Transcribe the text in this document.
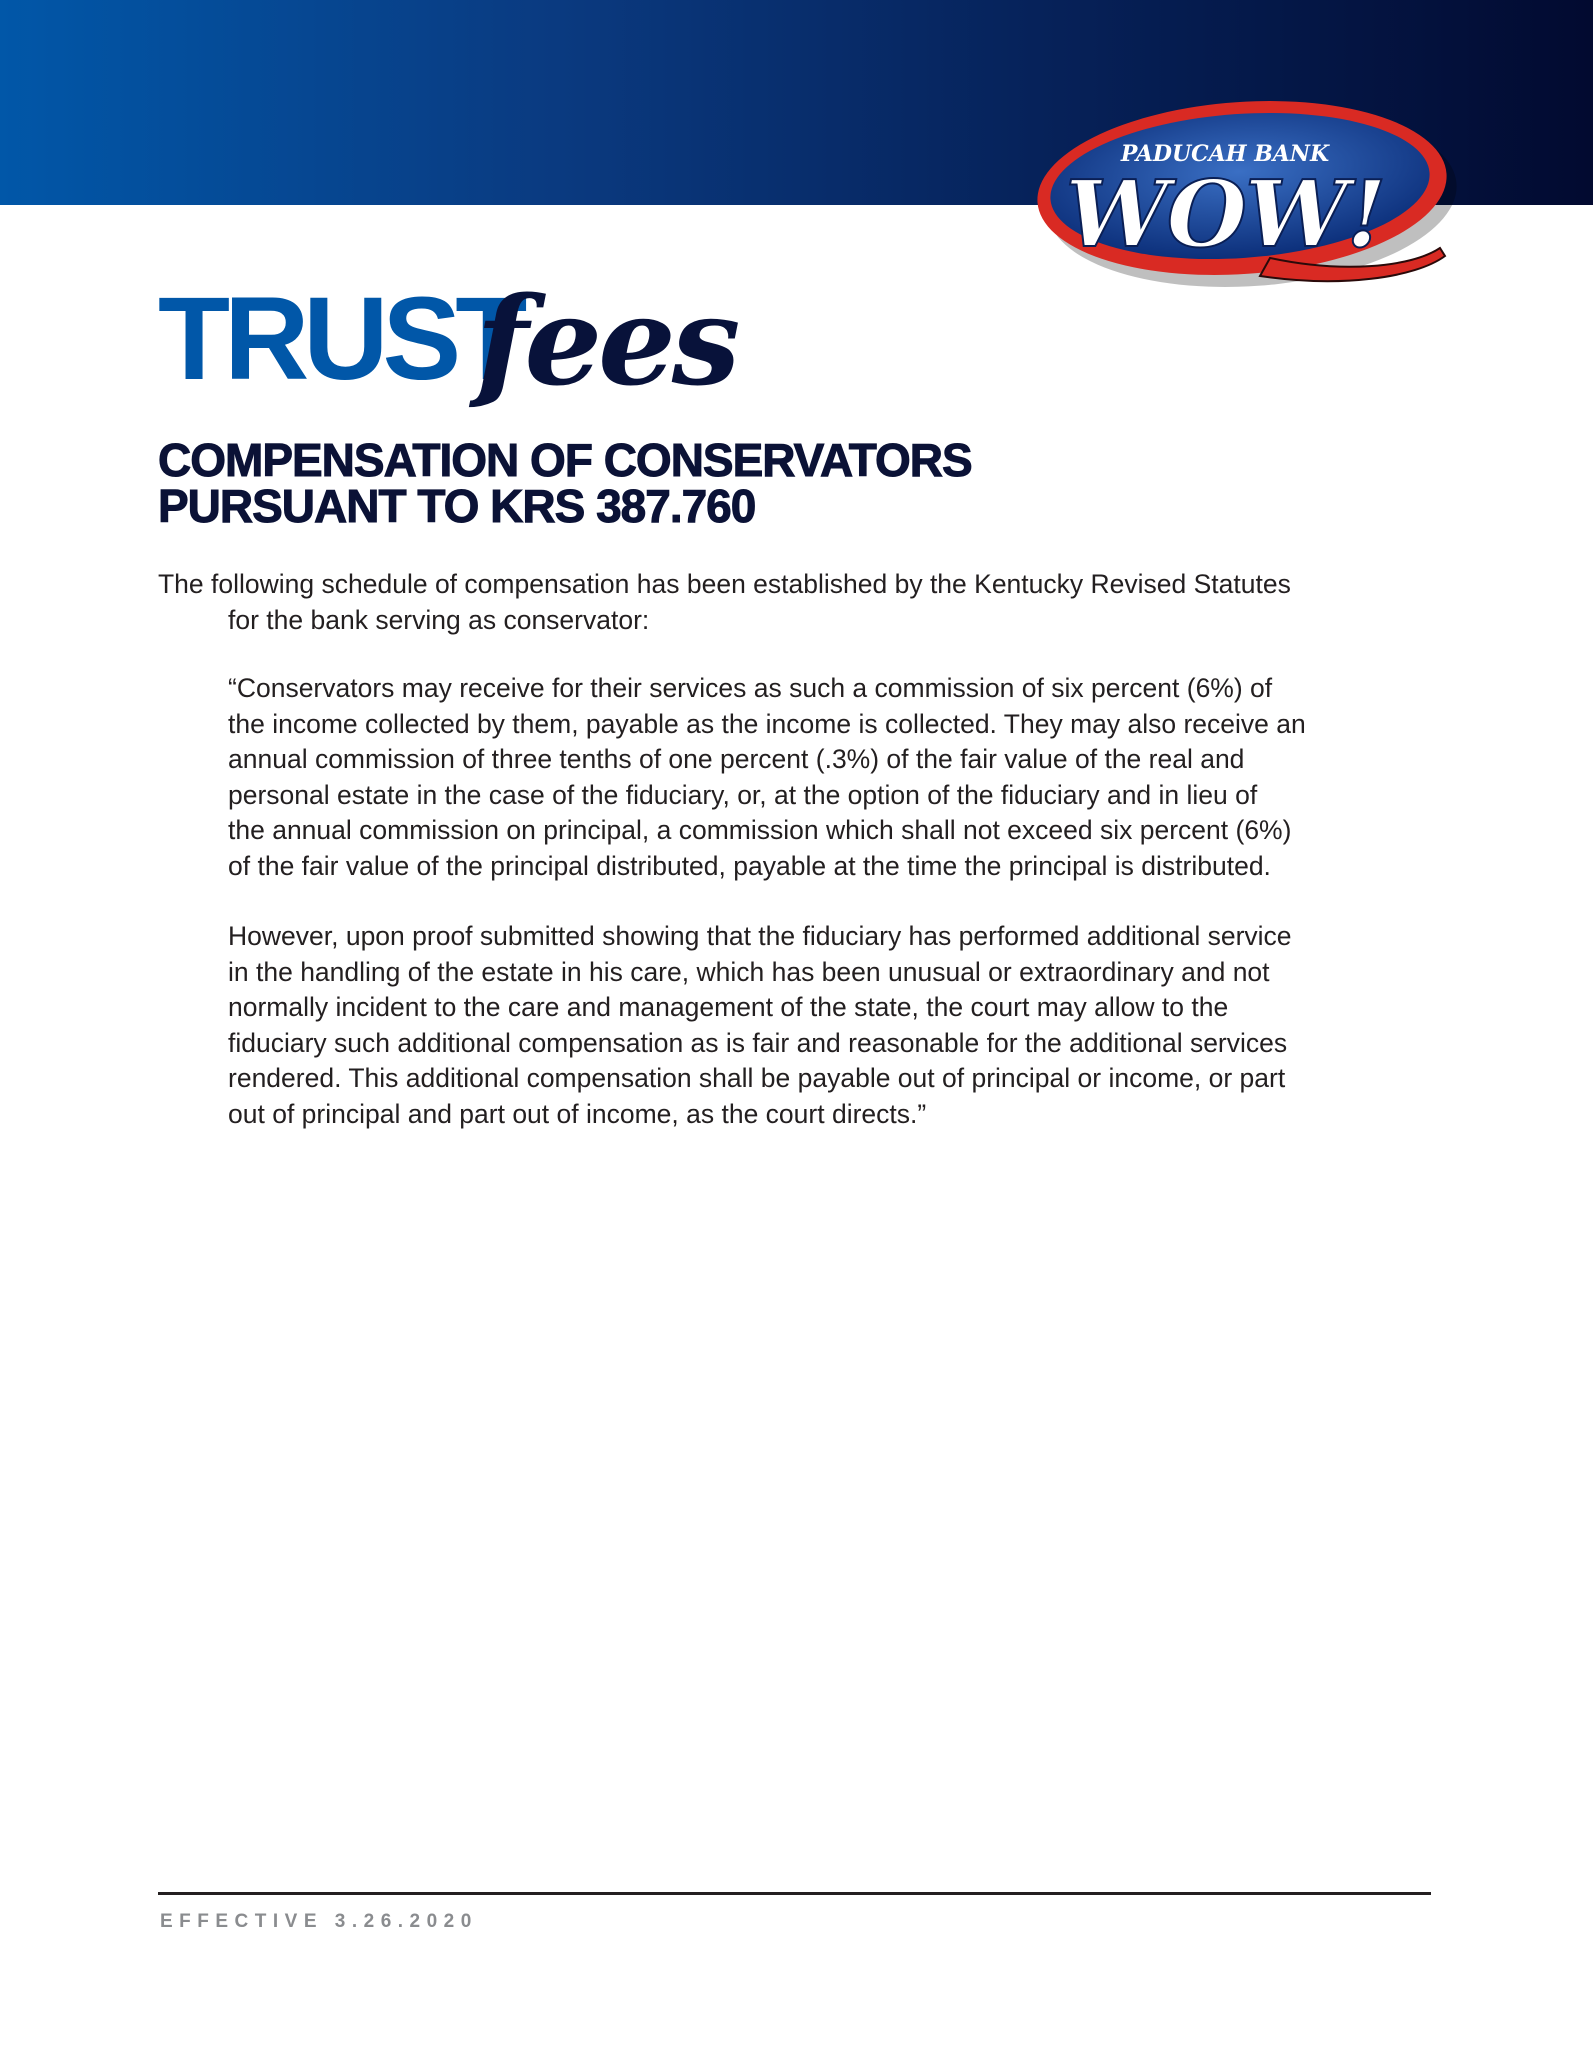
PADUCAH BANK
WOW!
TRUST
fees
COMPENSATION OF CONSERVATORS
PURSUANT TO KRS 387.760
The following schedule of compensation has been established by the Kentucky Revised Statutes
for the bank serving as conservator:
“Conservators may receive for their services as such a commission of six percent (6%) of
the income collected by them, payable as the income is collected. They may also receive an
annual commission of three tenths of one percent (.3%) of the fair value of the real and
personal estate in the case of the fiduciary, or, at the option of the fiduciary and in lieu of
the annual commission on principal, a commission which shall not exceed six percent (6%)
of the fair value of the principal distributed, payable at the time the principal is distributed.
However, upon proof submitted showing that the fiduciary has performed additional service
in the handling of the estate in his care, which has been unusual or extraordinary and not
normally incident to the care and management of the state, the court may allow to the
fiduciary such additional compensation as is fair and reasonable for the additional services
rendered. This additional compensation shall be payable out of principal or income, or part
out of principal and part out of income, as the court directs.”
EFFECTIVE 3.26.2020
